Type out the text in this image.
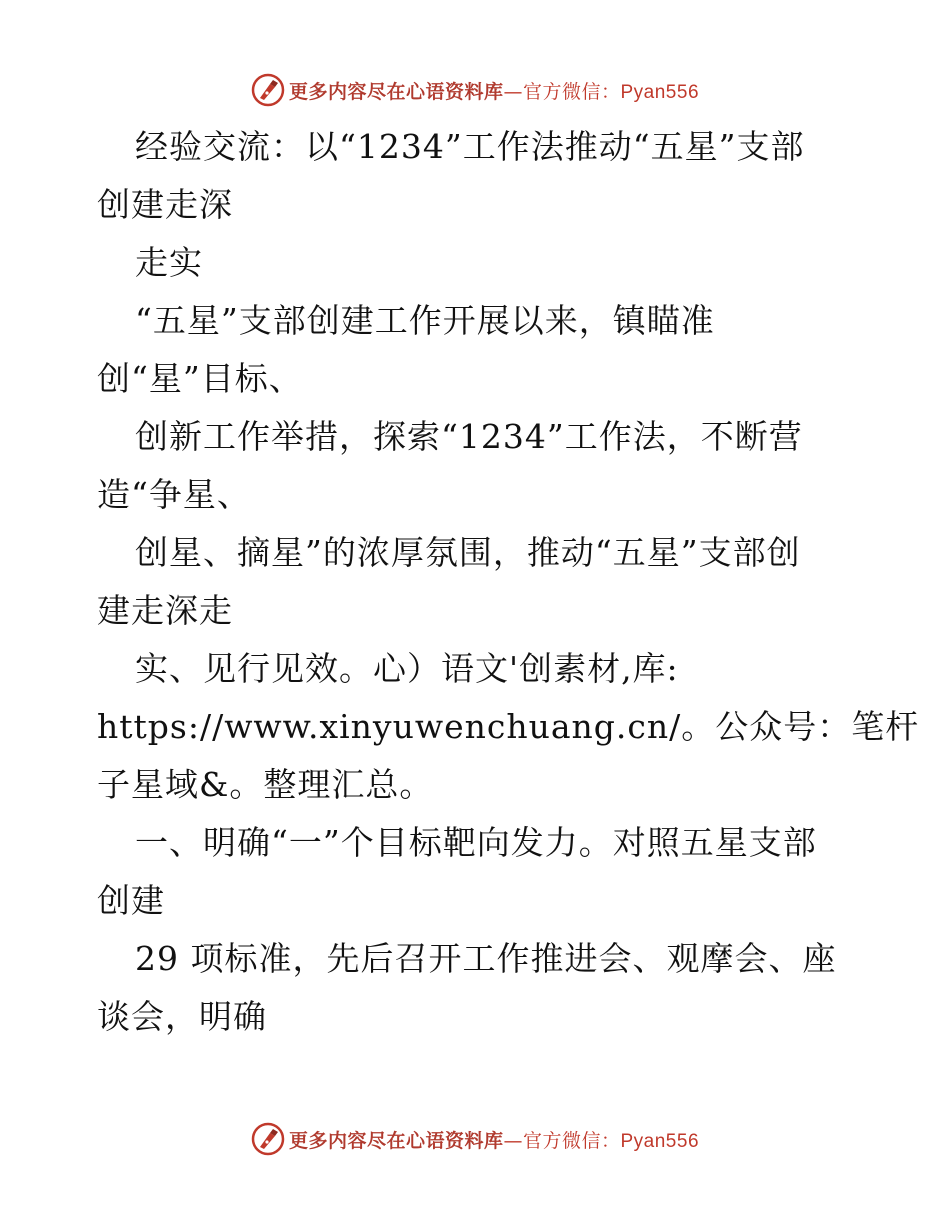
更多内容尽在心语资料库—官方微信：Pyan556
经验交流：以“1234”工作法推动“五星”支部
创建走深
走实
“五星”支部创建工作开展以来，镇瞄准
创“星”目标、
创新工作举措，探索“1234”工作法，不断营
造“争星、
创星、摘星”的浓厚氛围，推动“五星”支部创
建走深走
实、见行见效。心）语文'创素材,库:
https://www.xinyuwenchuang.cn/。公众号：笔杆
子星域&。整理汇总。
一、明确“一”个目标靶向发力。对照五星支部
创建
29 项标准，先后召开工作推进会、观摩会、座
谈会，明确
更多内容尽在心语资料库—官方微信：Pyan556
